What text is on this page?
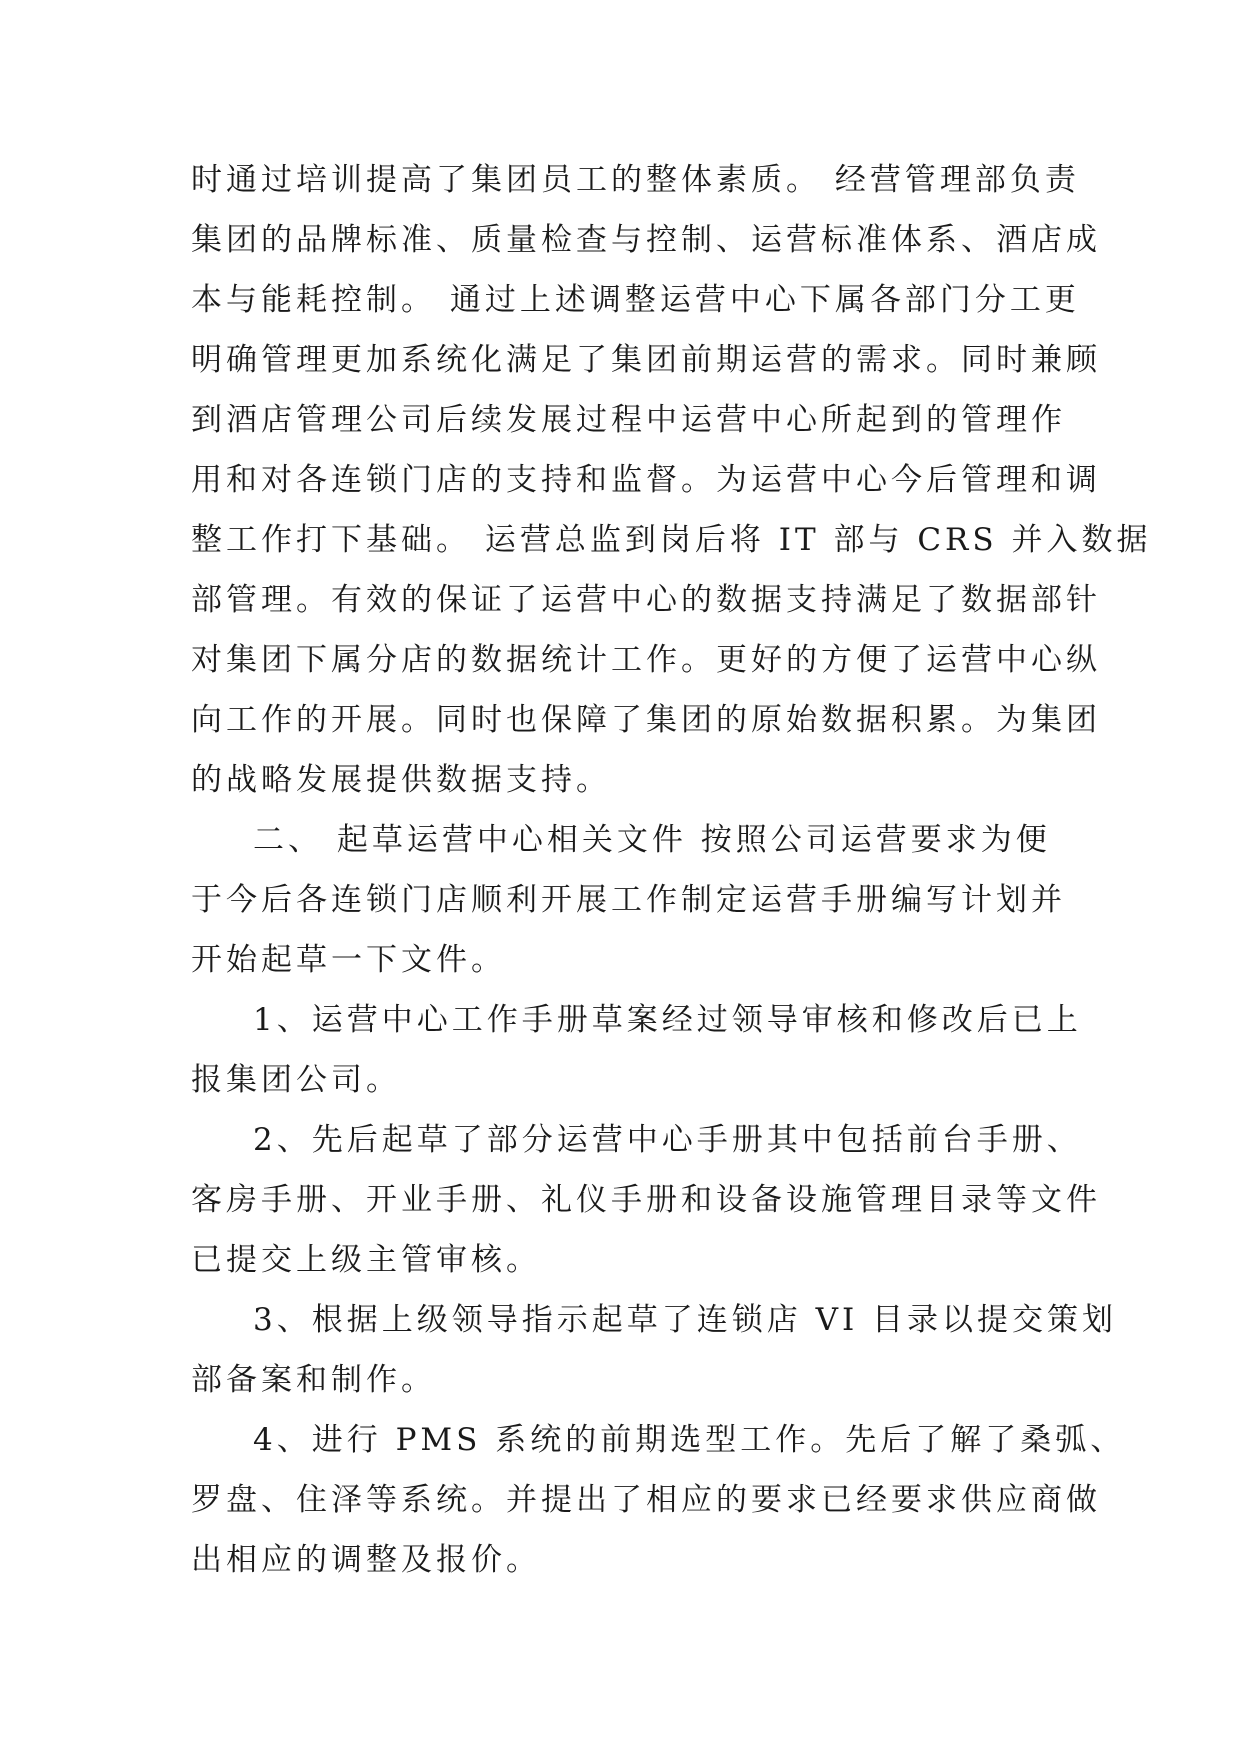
时通过培训提高了集团员工的整体素质。 经营管理部负责
集团的品牌标准、质量检查与控制、运营标准体系、酒店成
本与能耗控制。 通过上述调整运营中心下属各部门分工更
明确管理更加系统化满足了集团前期运营的需求。同时兼顾
到酒店管理公司后续发展过程中运营中心所起到的管理作
用和对各连锁门店的支持和监督。为运营中心今后管理和调
整工作打下基础。 运营总监到岗后将 IT 部与 CRS 并入数据
部管理。有效的保证了运营中心的数据支持满足了数据部针
对集团下属分店的数据统计工作。更好的方便了运营中心纵
向工作的开展。同时也保障了集团的原始数据积累。为集团
的战略发展提供数据支持。
二、 起草运营中心相关文件 按照公司运营要求为便
于今后各连锁门店顺利开展工作制定运营手册编写计划并
开始起草一下文件。
1、运营中心工作手册草案经过领导审核和修改后已上
报集团公司。
2、先后起草了部分运营中心手册其中包括前台手册、
客房手册、开业手册、礼仪手册和设备设施管理目录等文件
已提交上级主管审核。
3、根据上级领导指示起草了连锁店 VI 目录以提交策划
部备案和制作。
4、进行 PMS 系统的前期选型工作。先后了解了桑弧、
罗盘、住泽等系统。并提出了相应的要求已经要求供应商做
出相应的调整及报价。
